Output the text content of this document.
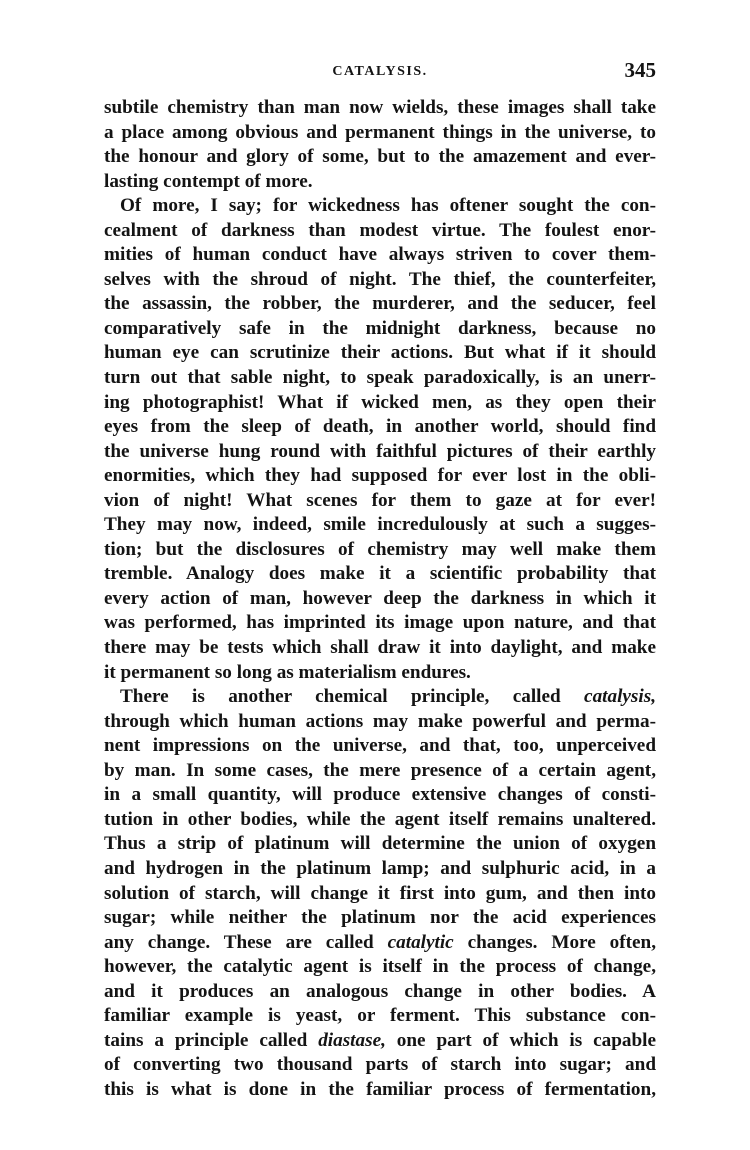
CATALYSIS.	345
subtile chemistry than man now wields, these images shall take
a place among obvious and permanent things in the universe, to
the honour and glory of some, but to the amazement and ever-
lasting contempt of more.
Of more, I say; for wickedness has oftener sought the con-
cealment of darkness than modest virtue. The foulest enor-
mities of human conduct have always striven to cover them-
selves with the shroud of night. The thief, the counterfeiter,
the assassin, the robber, the murderer, and the seducer, feel
comparatively safe in the midnight darkness, because no
human eye can scrutinize their actions. But what if it should
turn out that sable night, to speak paradoxically, is an unerr-
ing photographist! What if wicked men, as they open their
eyes from the sleep of death, in another world, should find
the universe hung round with faithful pictures of their earthly
enormities, which they had supposed for ever lost in the obli-
vion of night! What scenes for them to gaze at for ever!
They may now, indeed, smile incredulously at such a sugges-
tion; but the disclosures of chemistry may well make them
tremble. Analogy does make it a scientific probability that
every action of man, however deep the darkness in which it
was performed, has imprinted its image upon nature, and that
there may be tests which shall draw it into daylight, and make
it permanent so long as materialism endures.
There is another chemical principle, called catalysis,
through which human actions may make powerful and perma-
nent impressions on the universe, and that, too, unperceived
by man. In some cases, the mere presence of a certain agent,
in a small quantity, will produce extensive changes of consti-
tution in other bodies, while the agent itself remains unaltered.
Thus a strip of platinum will determine the union of oxygen
and hydrogen in the platinum lamp; and sulphuric acid, in a
solution of starch, will change it first into gum, and then into
sugar; while neither the platinum nor the acid experiences
any change. These are called catalytic changes. More often,
however, the catalytic agent is itself in the process of change,
and it produces an analogous change in other bodies. A
familiar example is yeast, or ferment. This substance con-
tains a principle called diastase, one part of which is capable
of converting two thousand parts of starch into sugar; and
this is what is done in the familiar process of fermentation,
